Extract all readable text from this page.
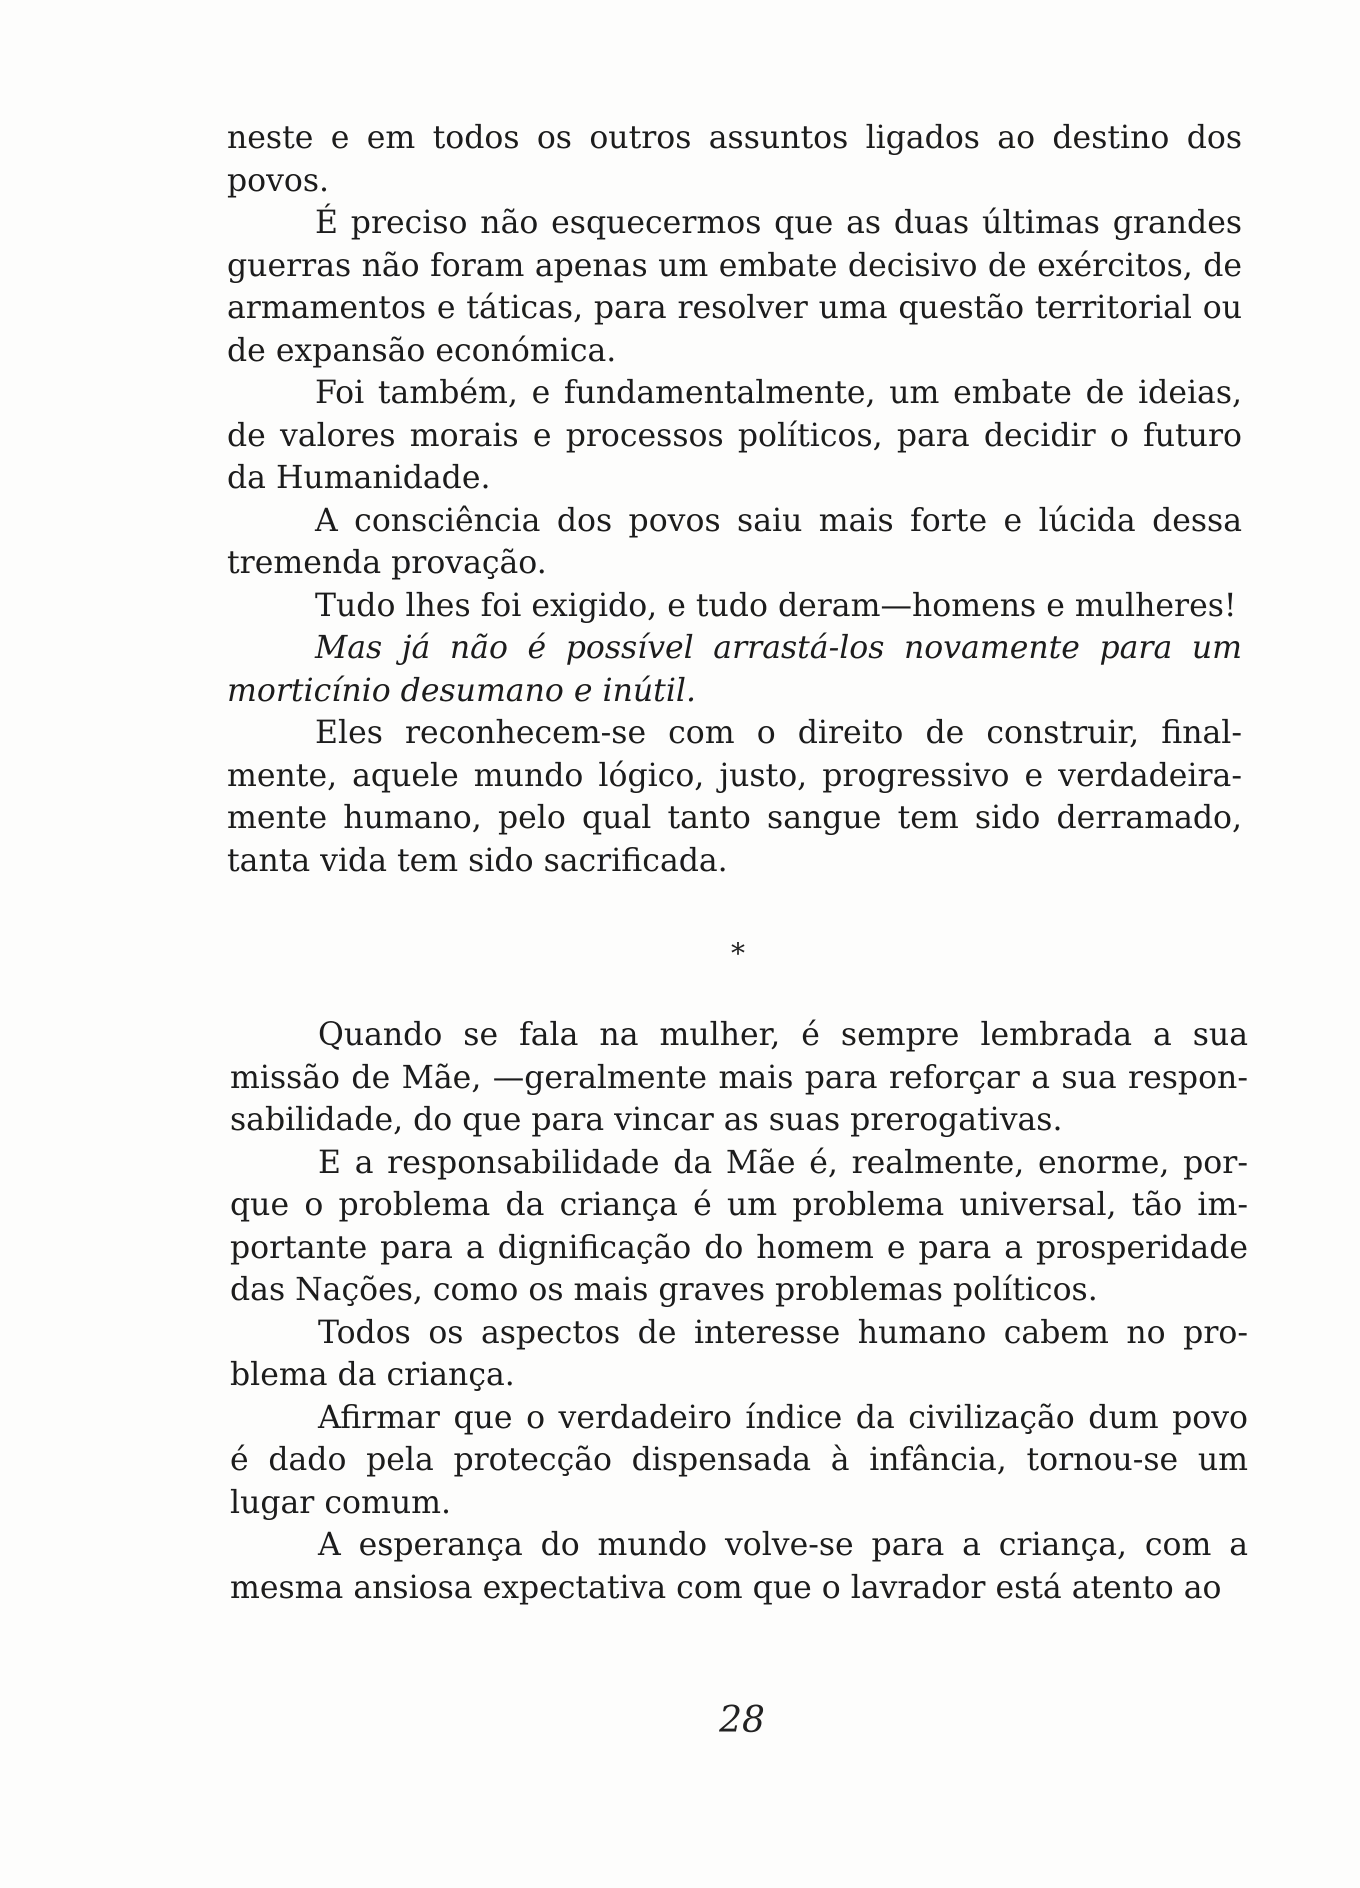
neste e em todos os outros assuntos ligados ao destino dos povos.

É preciso não esquecermos que as duas últimas grandes guerras não foram apenas um embate decisivo de exércitos, de armamentos e táticas, para resolver uma questão territorial ou de expansão económica.

Foi também, e fundamentalmente, um embate de ideias, de valores morais e processos políticos, para decidir o futuro da Humanidade.

A consciência dos povos saiu mais forte e lúcida dessa tremenda provação.

Tudo lhes foi exigido, e tudo deram—homens e mulheres!

Mas já não é possível arrastá-los novamente para um morticínio desumano e inútil.

Eles reconhecem-se com o direito de construir, finalmente, aquele mundo lógico, justo, progressivo e verdadeiramente humano, pelo qual tanto sangue tem sido derramado, tanta vida tem sido sacrificada.

*

Quando se fala na mulher, é sempre lembrada a sua missão de Mãe, —geralmente mais para reforçar a sua responsabilidade, do que para vincar as suas prerogativas.

E a responsabilidade da Mãe é, realmente, enorme, porque o problema da criança é um problema universal, tão importante para a dignificação do homem e para a prosperidade das Nações, como os mais graves problemas políticos.

Todos os aspectos de interesse humano cabem no problema da criança.

Afirmar que o verdadeiro índice da civilização dum povo é dado pela protecção dispensada à infância, tornou-se um lugar comum.

A esperança do mundo volve-se para a criança, com a mesma ansiosa expectativa com que o lavrador está atento ao

28
